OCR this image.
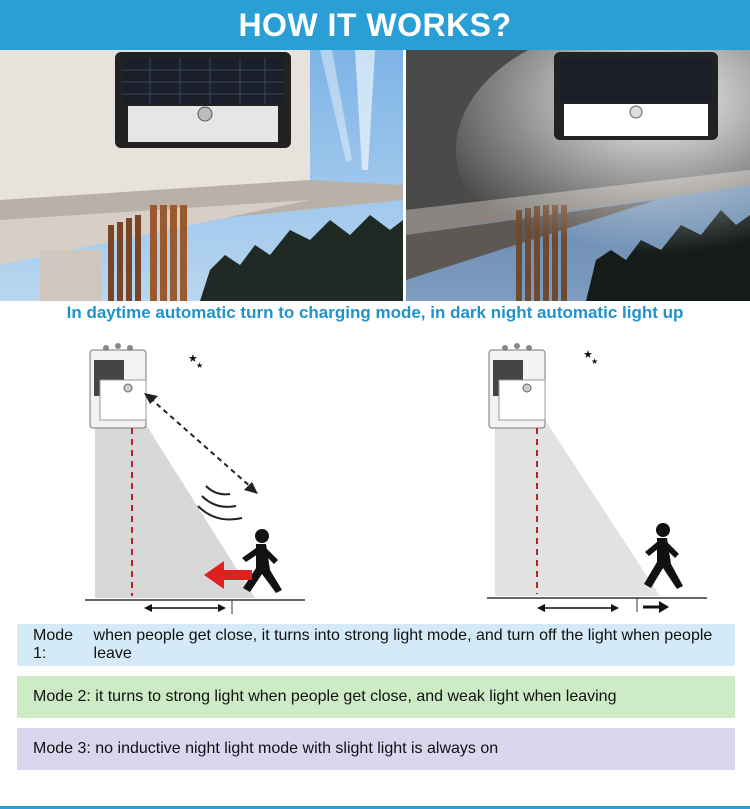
HOW IT WORKS?
In daytime automatic turn to charging mode, in dark night automatic light up
★
★
★
★
Mode 1:

when people get close, it turns into strong light mode, and turn off the light when people leave
Mode 2:
it turns to strong light when people get close, and weak light when leaving
Mode 3:
no inductive night light mode with slight light is always on
